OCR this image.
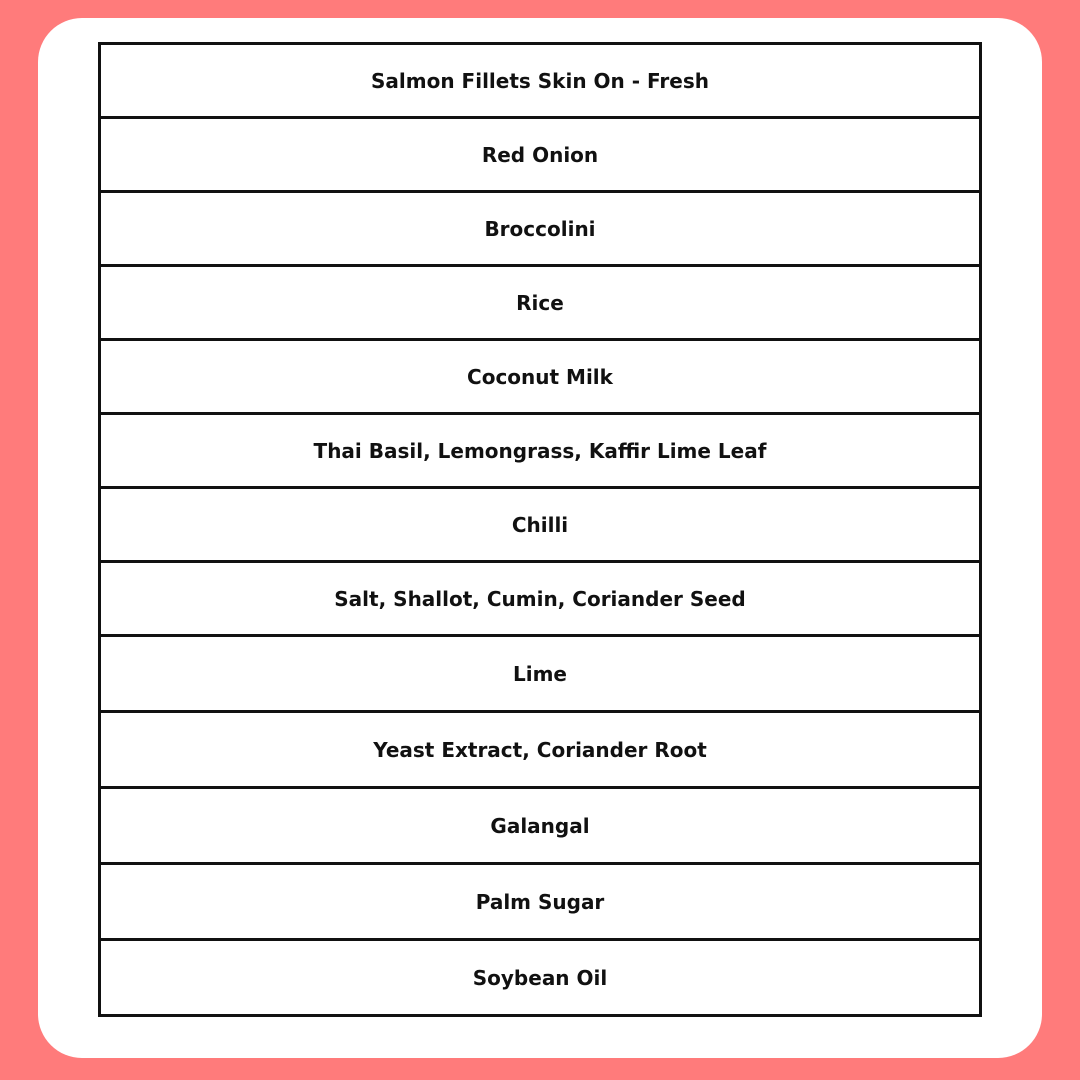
Salmon Fillets Skin On - Fresh
Red Onion
Broccolini
Rice
Coconut Milk
Thai Basil, Lemongrass, Kaffir Lime Leaf
Chilli
Salt, Shallot, Cumin, Coriander Seed
Lime
Yeast Extract, Coriander Root
Galangal
Palm Sugar
Soybean Oil
